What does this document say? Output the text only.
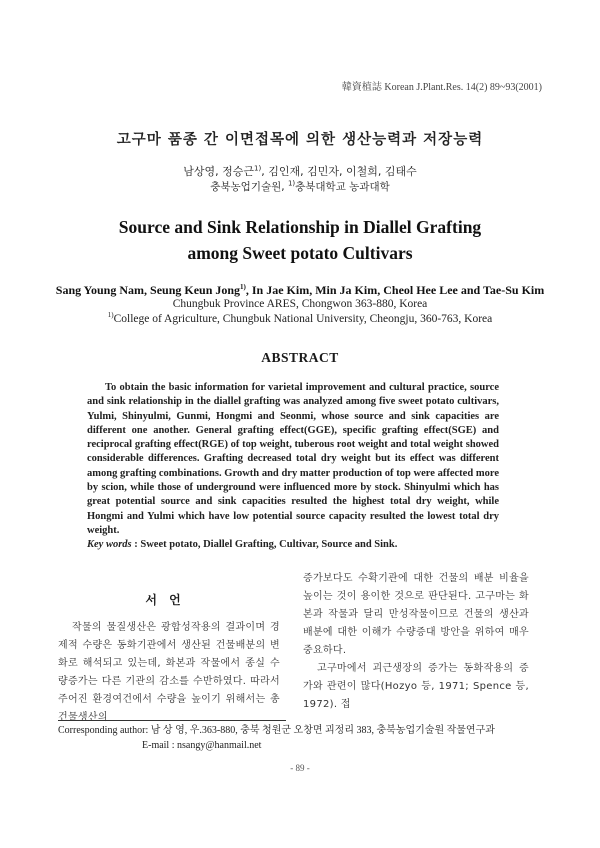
韓資植誌 Korean J.Plant.Res. 14(2) 89~93(2001)
고구마 품종 간 이면접목에 의한 생산능력과 저장능력
남상영, 정승근$^{1)}$, 김인재, 김민자, 이철희, 김태수
충북농업기술원, $^{1)}$충북대학교 농과대학
Source and Sink Relationship in Diallel Grafting
among Sweet potato Cultivars
Sang Young Nam, Seung Keun Jong$^{1)}$, In Jae Kim, Min Ja Kim, Cheol Hee Lee and Tae-Su Kim
Chungbuk Province ARES, Chongwon 363-880, Korea
$^{1)}$College of Agriculture, Chungbuk National University, Cheongju, 360-763, Korea
ABSTRACT
To obtain the basic information for varietal improvement and cultural practice, source and sink relationship in the diallel grafting was analyzed among five sweet potato cultivars, Yulmi, Shinyulmi, Gunmi, Hongmi and Seonmi, whose source and sink capacities are different one another. General grafting effect(GGE), specific grafting effect(SGE) and reciprocal grafting effect(RGE) of top weight, tuberous root weight and total weight showed considerable differences. Grafting decreased total dry weight but its effect was different among grafting combinations. Growth and dry matter production of top were affected more by scion, while those of underground were influenced more by stock. Shinyulmi which has great potential source and sink capacities resulted the highest total dry weight, while Hongmi and Yulmi which have low potential source capacity resulted the lowest total dry weight.
Key words : Sweet potato, Diallel Grafting, Cultivar, Source and Sink.
서 언

작물의 물질생산은 광합성작용의 결과이며 경제적 수량은 동화기관에서 생산된 건물배분의 변화로 해석되고 있는데, 화본과 작물에서 종실 수량증가는 다른 기관의 감소를 수반하였다. 따라서 주어진 환경여건에서 수량을 높이기 위해서는 총건물생산의

증가보다도 수확기관에 대한 건물의 배분 비율을 높이는 것이 용이한 것으로 판단된다. 고구마는 화본과 작물과 달리 만성작물이므로 건물의 생산과 배분에 대한 이해가 수량증대 방안을 위하여 매우 중요하다.

고구마에서 괴근생장의 증가는 동화작용의 증가와 관련이 많다(Hozyo 등, 1971; Spence 등, 1972). 접

Corresponding author: 남 상 영, 우.363-880, 충북 청원군 오창면 괴정리 383, 충북농업기술원 작물연구과
E-mail : nsangy@hanmail.net
- 89 -
